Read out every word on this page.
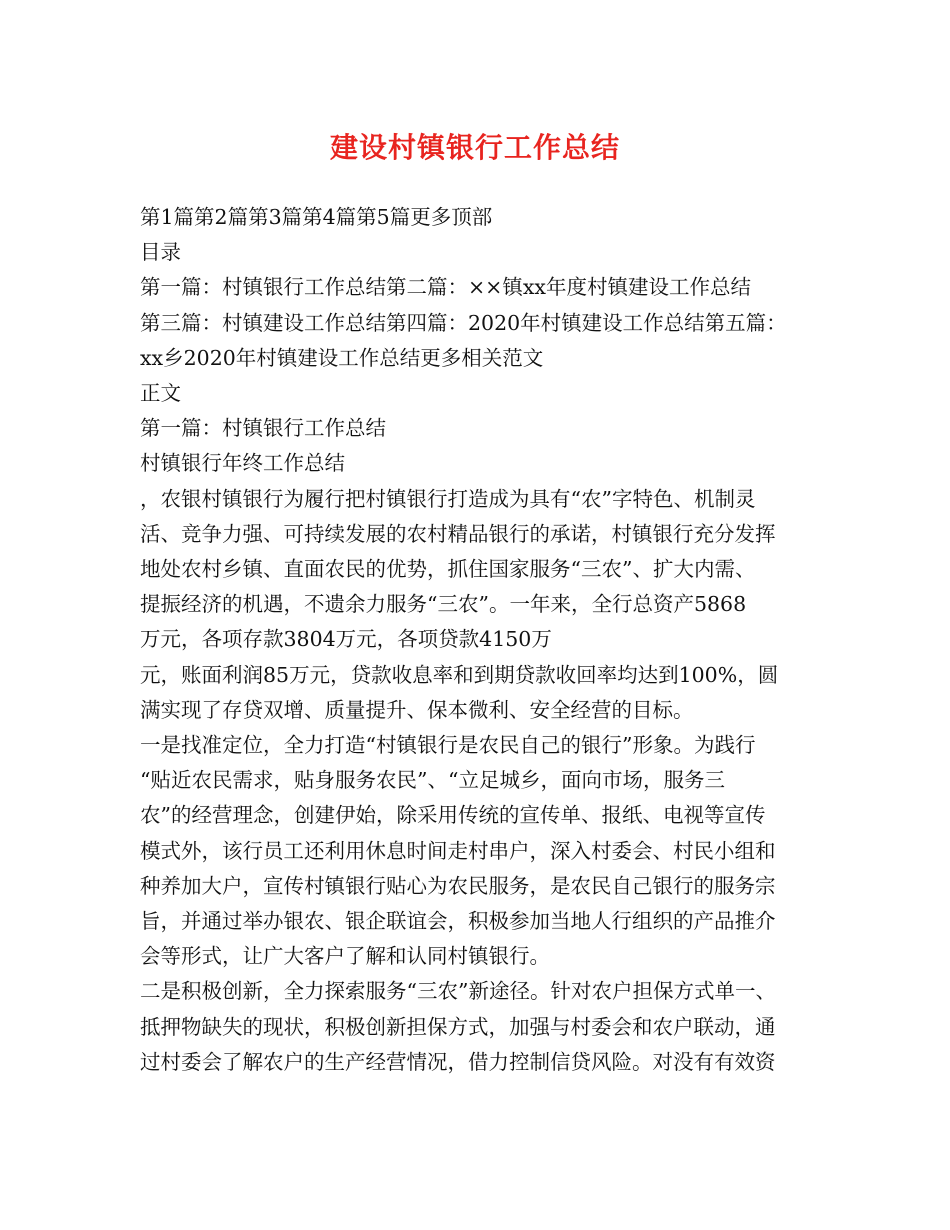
建设村镇银行工作总结
第1篇第2篇第3篇第4篇第5篇更多顶部
目录
第一篇：村镇银行工作总结第二篇：××镇xx年度村镇建设工作总结
第三篇：村镇建设工作总结第四篇：2020年村镇建设工作总结第五篇：
xx乡2020年村镇建设工作总结更多相关范文
正文
第一篇：村镇银行工作总结
村镇银行年终工作总结
，农银村镇银行为履行把村镇银行打造成为具有“农”字特色、机制灵
活、竞争力强、可持续发展的农村精品银行的承诺，村镇银行充分发挥
地处农村乡镇、直面农民的优势，抓住国家服务“三农”、扩大内需、
提振经济的机遇，不遗余力服务“三农”。一年来，全行总资产5868
万元，各项存款3804万元，各项贷款4150万
元，账面利润85万元，贷款收息率和到期贷款收回率均达到100%，圆
满实现了存贷双增、质量提升、保本微利、安全经营的目标。
一是找准定位，全力打造“村镇银行是农民自己的银行”形象。为践行
“贴近农民需求，贴身服务农民”、“立足城乡，面向市场，服务三
农”的经营理念，创建伊始，除采用传统的宣传单、报纸、电视等宣传
模式外，该行员工还利用休息时间走村串户，深入村委会、村民小组和
种养加大户，宣传村镇银行贴心为农民服务，是农民自己银行的服务宗
旨，并通过举办银农、银企联谊会，积极参加当地人行组织的产品推介
会等形式，让广大客户了解和认同村镇银行。
二是积极创新，全力探索服务“三农”新途径。针对农户担保方式单一、
抵押物缺失的现状，积极创新担保方式，加强与村委会和农户联动，通
过村委会了解农户的生产经营情况，借力控制信贷风险。对没有有效资
